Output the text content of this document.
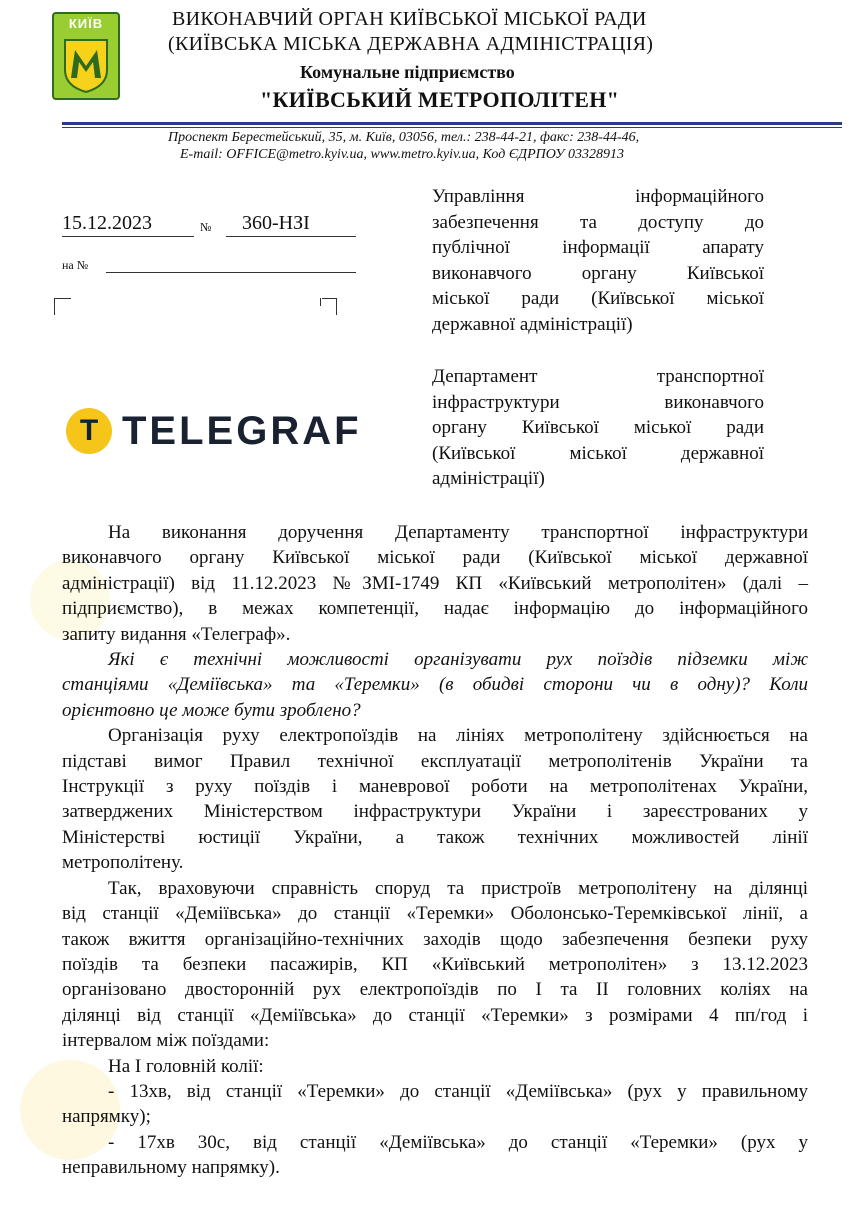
КИЇВ	ВИКОНАВЧИЙ ОРГАН КИЇВСЬКОЇ МІСЬКОЇ РАДИ
(КИЇВСЬКА МІСЬКА ДЕРЖАВНА АДМІНІСТРАЦІЯ)
Комунальне підприємство
"КИЇВСЬКИЙ МЕТРОПОЛІТЕН"
Проспект Берестейський, 35, м. Київ, 03056, тел.: 238-44-21, факс: 238-44-46,
E-mail: OFFICE@metro.kyiv.ua, www.metro.kyiv.ua, Код ЄДРПОУ 03328913
15.12.2023	№ 360-НЗІ
на №
T TELEGRAF
Управління інформаційного
забезпечення та доступу до
публічної інформації апарату
виконавчого органу Київської
міської ради (Київської міської
державної адміністрації)
Департамент транспортної
інфраструктури виконавчого
органу Київської міської ради
(Київської міської державної
адміністрації)
На виконання доручення Департаменту транспортної інфраструктури
виконавчого органу Київської міської ради (Київської міської державної
адміністрації) від 11.12.2023 №ЗМІ-1749 КП «Київський метрополітен» (далі –
підприємство), в межах компетенції, надає інформацію до інформаційного
запиту видання «Телеграф».
Які є технічні можливості організувати рух поїздів підземки між
станціями «Деміївська» та «Теремки» (в обидві сторони чи в одну)? Коли
орієнтовно це може бути зроблено?
Організація руху електропоїздів на лініях метрополітену здійснюється на
підставі вимог Правил технічної експлуатації метрополітенів України та
Інструкції з руху поїздів і маневрової роботи на метрополітенах України,
затверджених Міністерством інфраструктури України і зареєстрованих у
Міністерстві юстиції України, а також технічних можливостей лінії
метрополітену.
Так, враховуючи справність споруд та пристроїв метрополітену на ділянці
від станції «Деміївська» до станції «Теремки» Оболонсько-Теремківської лінії, а
також вжиття організаційно-технічних заходів щодо забезпечення безпеки руху
поїздів та безпеки пасажирів, КП «Київський метрополітен» з 13.12.2023
організовано двосторонній рух електропоїздів по І та ІІ головних коліях на
ділянці від станції «Деміївська» до станції «Теремки» з розмірами 4 пп/год і
інтервалом між поїздами:
На І головній колії:
- 13хв, від станції «Теремки» до станції «Деміївська» (рух у правильному
напрямку);
- 17хв 30с, від станції «Деміївська» до станції «Теремки» (рух у
неправильному напрямку).
